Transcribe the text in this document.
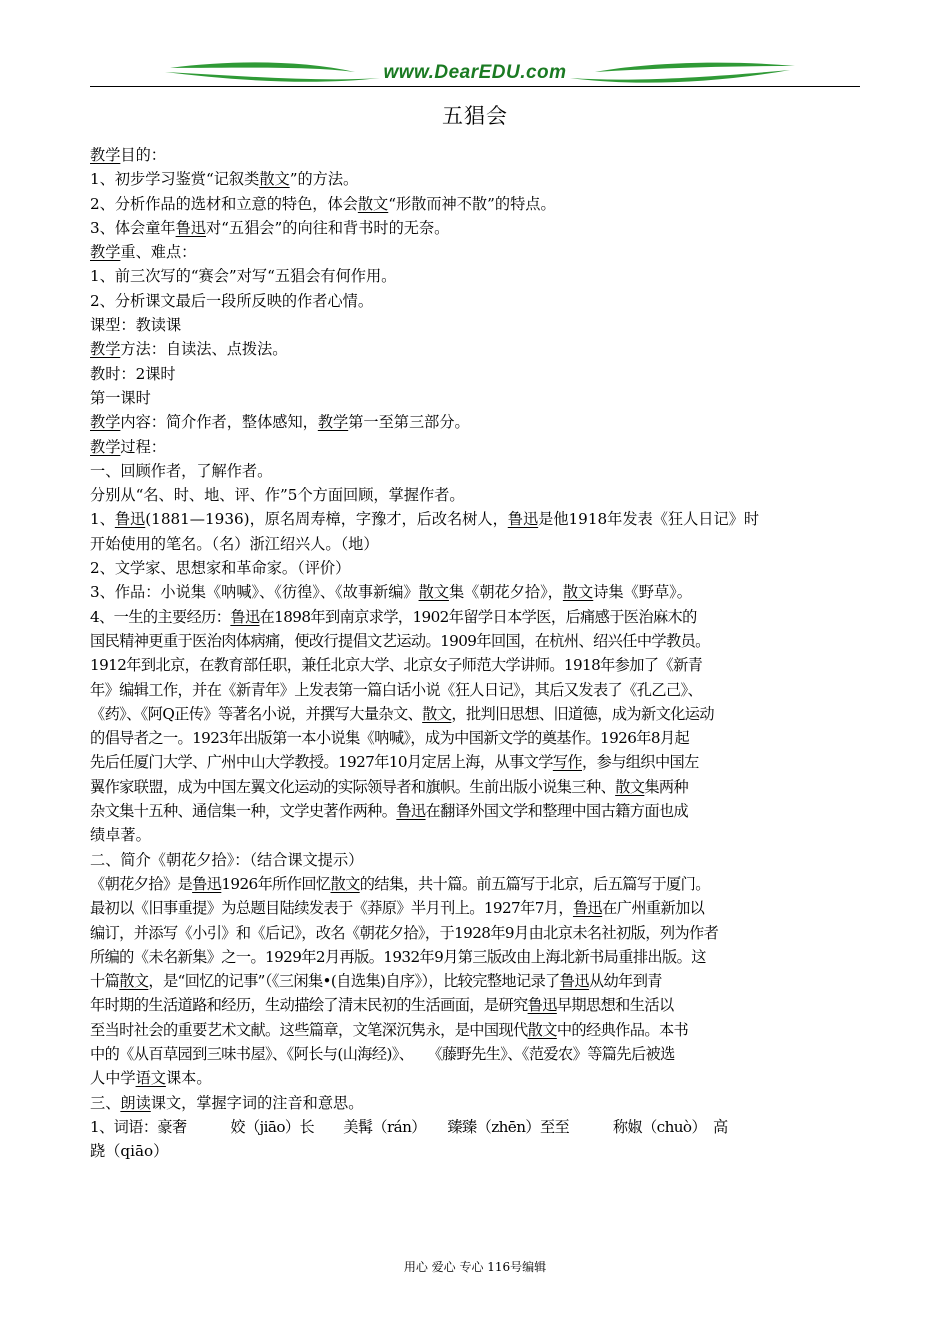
www.DearEDU.com
五猖会
教学目的：
1、初步学习鉴赏“记叙类散文”的方法。
2、分析作品的选材和立意的特色，体会散文“形散而神不散”的特点。
3、体会童年鲁迅对“五猖会”的向往和背书时的无奈。
教学重、难点：
1、前三次写的“赛会”对写“五猖会有何作用。
2、分析课文最后一段所反映的作者心情。
课型：教读课
教学方法：自读法、点拨法。
教时：2课时
第一课时
教学内容：简介作者，整体感知，教学第一至第三部分。
教学过程：
一、回顾作者，了解作者。
分别从“名、时、地、评、作”5个方面回顾，掌握作者。
1、鲁迅(1881—1936)，原名周寿樟，字豫才，后改名树人，鲁迅是他1918年发表《狂人日记》时
开始使用的笔名。（名）浙江绍兴人。（地）
2、文学家、思想家和革命家。（评价）
3、作品：小说集《呐喊》、《彷徨》、《故事新编》散文集《朝花夕拾》，散文诗集《野草》。
4、一生的主要经历：鲁迅在1898年到南京求学，1902年留学日本学医，后痛感于医治麻木的
国民精神更重于医治肉体病痛，便改行提倡文艺运动。1909年回国，在杭州、绍兴任中学教员。
1912年到北京，在教育部任职，兼任北京大学、北京女子师范大学讲师。1918年参加了《新青
年》编辑工作，并在《新青年》上发表第一篇白话小说《狂人日记》，其后又发表了《孔乙己》、
《药》、《阿Q正传》等著名小说，并撰写大量杂文、散文，批判旧思想、旧道德，成为新文化运动
的倡导者之一。1923年出版第一本小说集《呐喊》，成为中国新文学的奠基作。1926年8月起
先后任厦门大学、广州中山大学教授。1927年10月定居上海，从事文学写作，参与组织中国左
翼作家联盟，成为中国左翼文化运动的实际领导者和旗帜。生前出版小说集三种、散文集两种
杂文集十五种、通信集一种，文学史著作两种。鲁迅在翻译外国文学和整理中国古籍方面也成
绩卓著。
二、简介《朝花夕拾》：（结合课文提示）
《朝花夕拾》是鲁迅1926年所作回忆散文的结集，共十篇。前五篇写于北京，后五篇写于厦门。
最初以《旧事重提》为总题目陆续发表于《莽原》半月刊上。1927年7月，鲁迅在广州重新加以
编订，并添写《小引》和《后记》，改名《朝花夕拾》，于1928年9月由北京未名社初版，列为作者
所编的《未名新集》之一。1929年2月再版。1932年9月第三版改由上海北新书局重排出版。这
十篇散文，是“回忆的记事”（《三闲集•(自选集)自序》），比较完整地记录了鲁迅从幼年到青
年时期的生活道路和经历，生动描绘了清末民初的生活画面，是研究鲁迅早期思想和生活以
至当时社会的重要艺术文献。这些篇章，文笔深沉隽永，是中国现代散文中的经典作品。本书
中的《从百草园到三味书屋》、《阿长与(山海经)》、　　《藤野先生》、《范爱农》等篇先后被选
人中学语文课本。
三、朗读课文，掌握字词的注音和意思。
1、词语：豪奢　　　姣（jiāo）长　　美髯（rán）　　臻臻（zhēn）至至　　　称婌（chuò）　高
跷（qiāo）
用心 爱心 专心 116号编辑
